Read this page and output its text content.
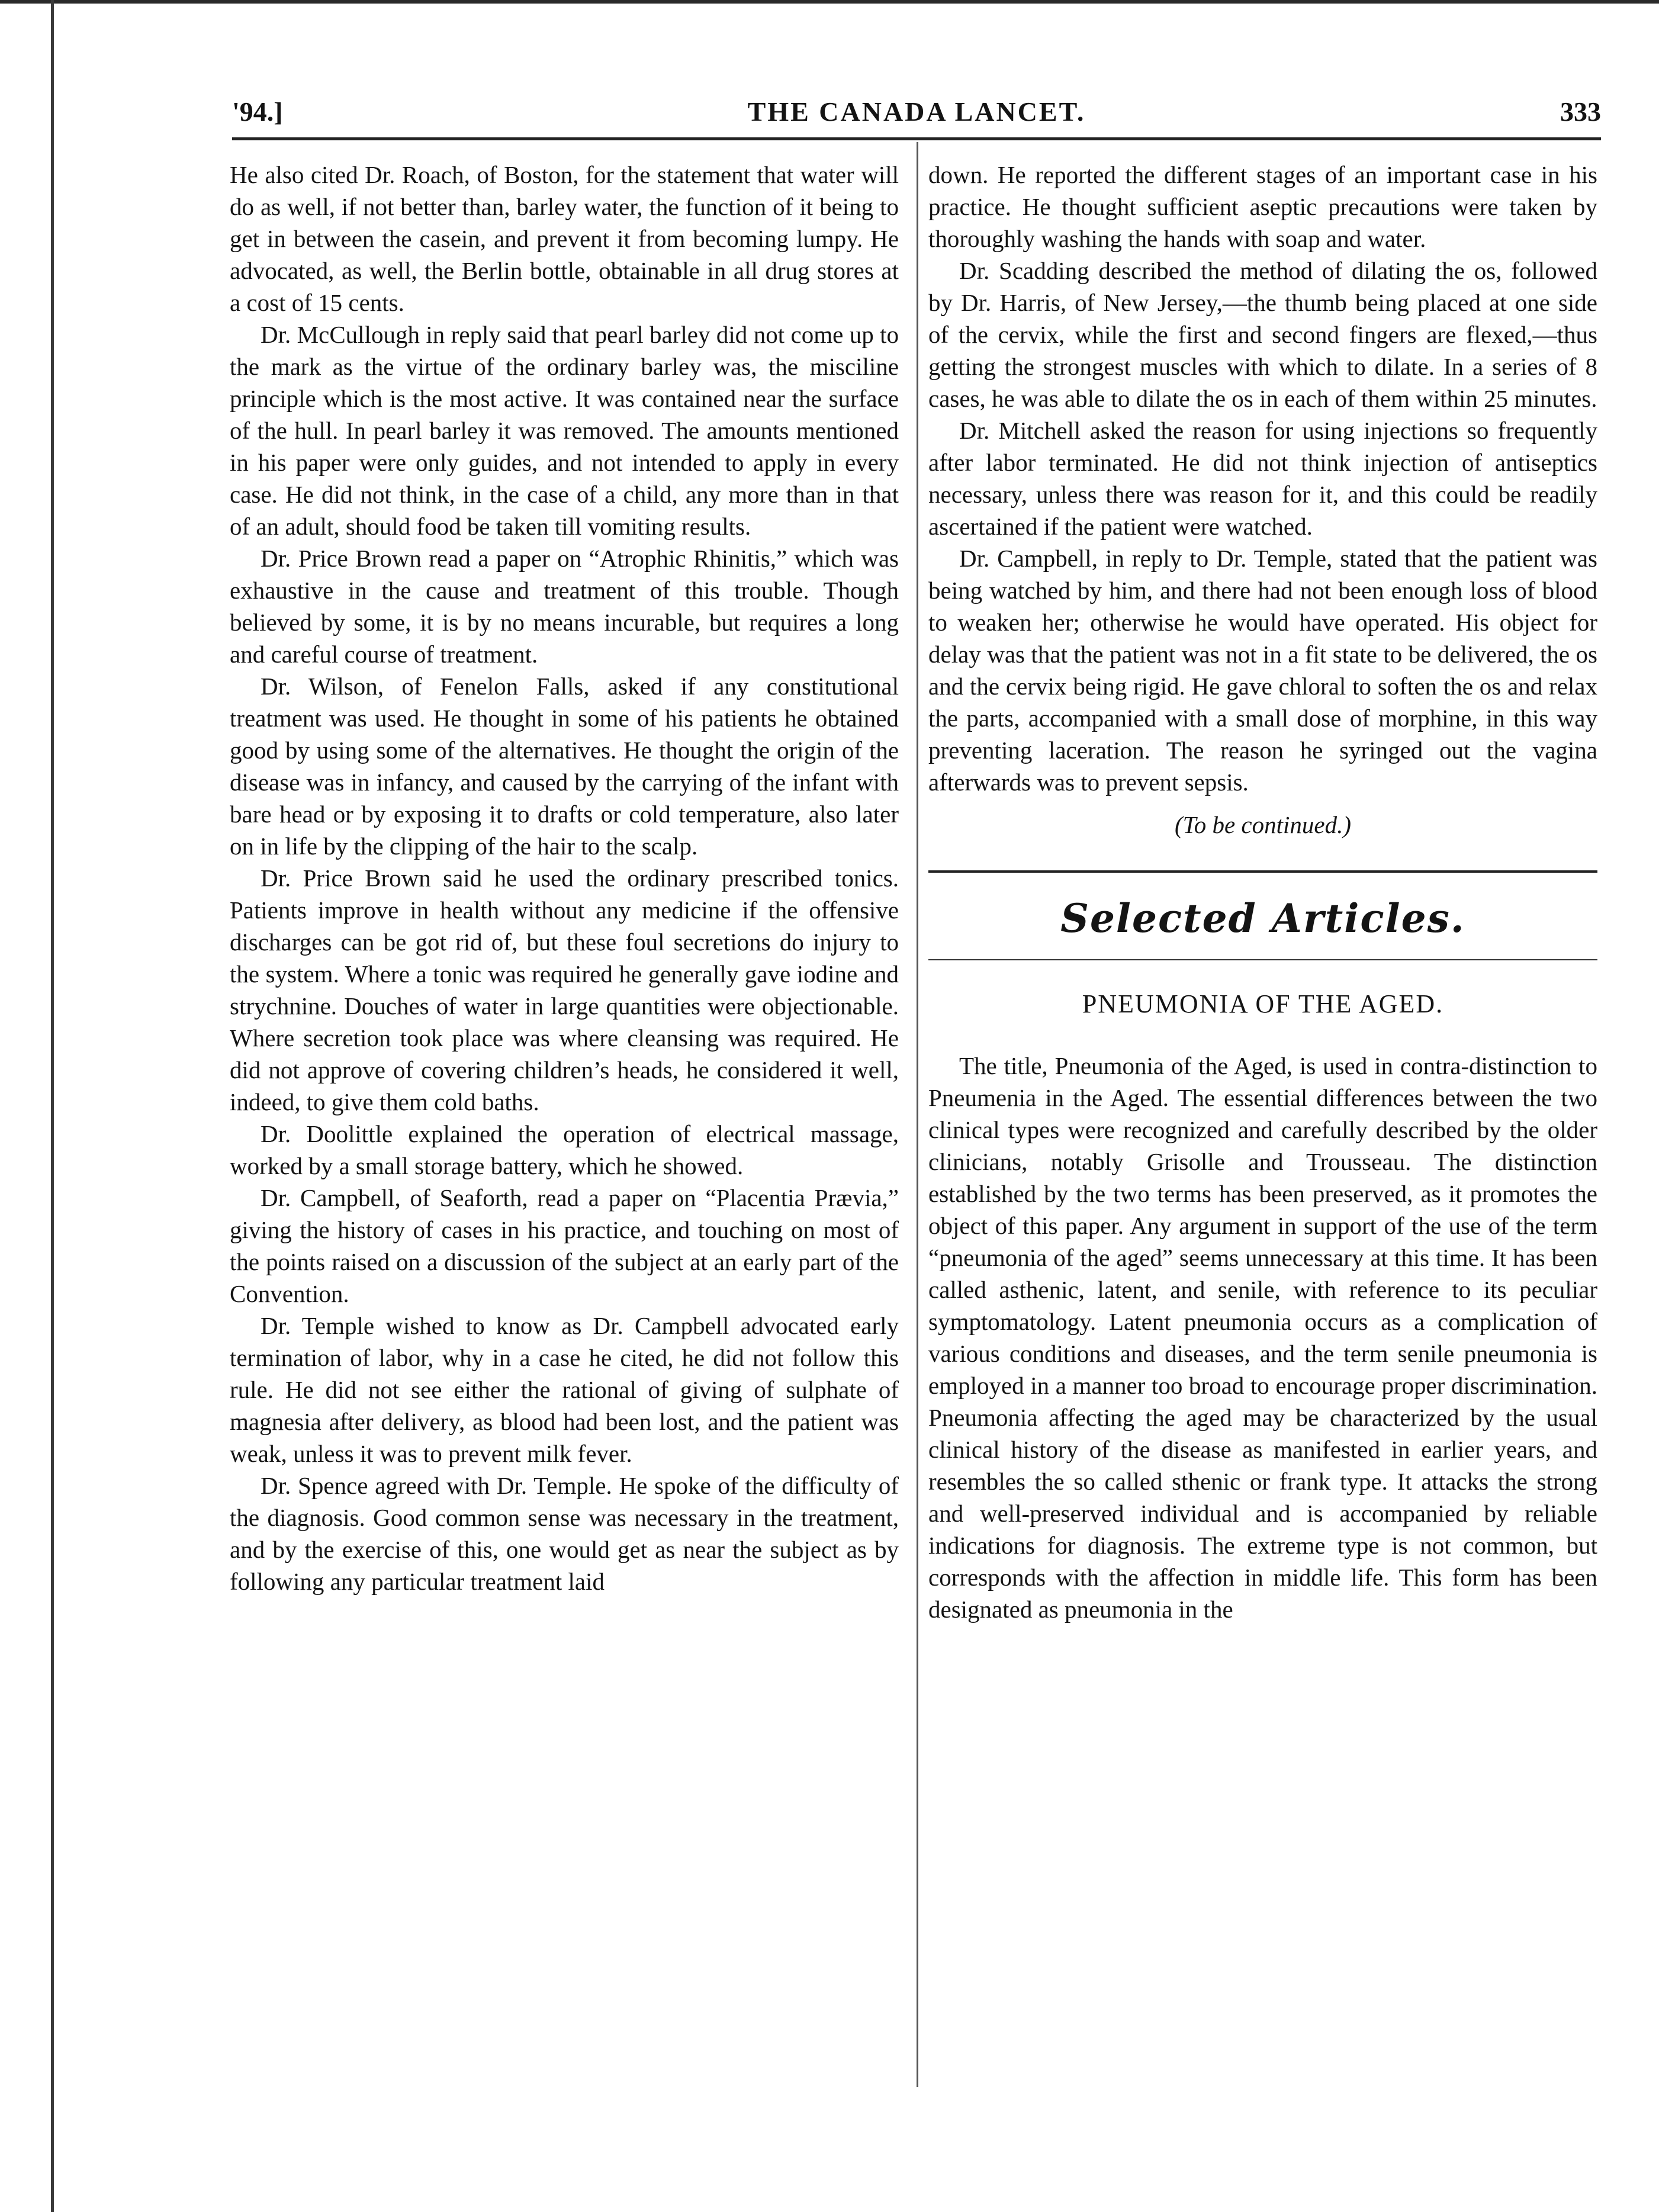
'94.]	THE CANADA LANCET.	333

He also cited Dr. Roach, of Boston, for the statement that water will do as well, if not better than, barley water, the function of it being to get in between the casein, and prevent it from becoming lumpy. He advocated, as well, the Berlin bottle, obtainable in all drug stores at a cost of 15 cents.

Dr. McCullough in reply said that pearl barley did not come up to the mark as the virtue of the ordinary barley was, the misciline principle which is the most active. It was contained near the surface of the hull. In pearl barley it was removed. The amounts mentioned in his paper were only guides, and not intended to apply in every case. He did not think, in the case of a child, any more than in that of an adult, should food be taken till vomiting results.

Dr. Price Brown read a paper on “Atrophic Rhinitis,” which was exhaustive in the cause and treatment of this trouble. Though believed by some, it is by no means incurable, but requires a long and careful course of treatment.

Dr. Wilson, of Fenelon Falls, asked if any constitutional treatment was used. He thought in some of his patients he obtained good by using some of the alternatives. He thought the origin of the disease was in infancy, and caused by the carrying of the infant with bare head or by exposing it to drafts or cold temperature, also later on in life by the clipping of the hair to the scalp.

Dr. Price Brown said he used the ordinary prescribed tonics. Patients improve in health without any medicine if the offensive discharges can be got rid of, but these foul secretions do injury to the system. Where a tonic was required he generally gave iodine and strychnine. Douches of water in large quantities were objectionable. Where secretion took place was where cleansing was required. He did not approve of covering children’s heads, he considered it well, indeed, to give them cold baths.

Dr. Doolittle explained the operation of electrical massage, worked by a small storage battery, which he showed.

Dr. Campbell, of Seaforth, read a paper on “Placentia Prævia,” giving the history of cases in his practice, and touching on most of the points raised on a discussion of the subject at an early part of the Convention.

Dr. Temple wished to know as Dr. Campbell advocated early termination of labor, why in a case he cited, he did not follow this rule. He did not see either the rational of giving of sulphate of magnesia after delivery, as blood had been lost, and the patient was weak, unless it was to prevent milk fever.

Dr. Spence agreed with Dr. Temple. He spoke of the difficulty of the diagnosis. Good common sense was necessary in the treatment, and by the exercise of this, one would get as near the subject as by following any particular treatment laid

down. He reported the different stages of an important case in his practice. He thought sufficient aseptic precautions were taken by thoroughly washing the hands with soap and water.

Dr. Scadding described the method of dilating the os, followed by Dr. Harris, of New Jersey,—the thumb being placed at one side of the cervix, while the first and second fingers are flexed,—thus getting the strongest muscles with which to dilate. In a series of 8 cases, he was able to dilate the os in each of them within 25 minutes.

Dr. Mitchell asked the reason for using injections so frequently after labor terminated. He did not think injection of antiseptics necessary, unless there was reason for it, and this could be readily ascertained if the patient were watched.

Dr. Campbell, in reply to Dr. Temple, stated that the patient was being watched by him, and there had not been enough loss of blood to weaken her; otherwise he would have operated. His object for delay was that the patient was not in a fit state to be delivered, the os and the cervix being rigid. He gave chloral to soften the os and relax the parts, accompanied with a small dose of morphine, in this way preventing laceration. The reason he syringed out the vagina afterwards was to prevent sepsis.

(To be continued.)
Selected Articles.
PNEUMONIA OF THE AGED.

The title, Pneumonia of the Aged, is used in contra-distinction to Pneumenia in the Aged. The essential differences between the two clinical types were recognized and carefully described by the older clinicians, notably Grisolle and Trousseau. The distinction established by the two terms has been preserved, as it promotes the object of this paper. Any argument in support of the use of the term “pneumonia of the aged” seems unnecessary at this time. It has been called asthenic, latent, and senile, with reference to its peculiar symptomatology. Latent pneumonia occurs as a complication of various conditions and diseases, and the term senile pneumonia is employed in a manner too broad to encourage proper discrimination. Pneumonia affecting the aged may be characterized by the usual clinical history of the disease as manifested in earlier years, and resembles the so called sthenic or frank type. It attacks the strong and well-preserved individual and is accompanied by reliable indications for diagnosis. The extreme type is not common, but corresponds with the affection in middle life. This form has been designated as pneumonia in the
